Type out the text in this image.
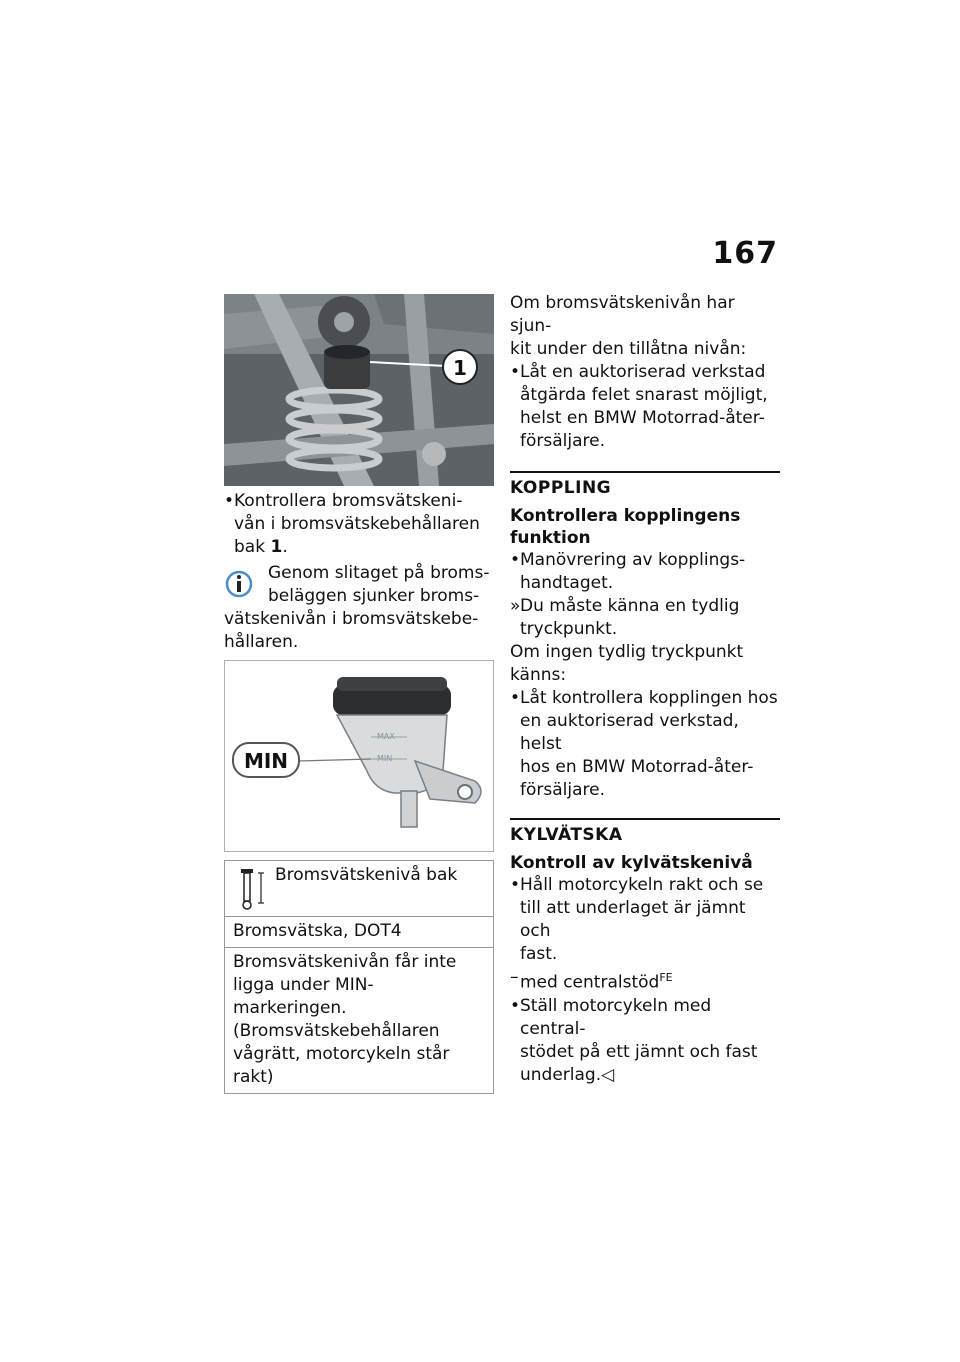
167
1
• Kontrollera bromsvätskeni-
vån i bromsvätskebehållaren
bak 1.
Genom slitaget på broms-
beläggen sjunker broms-
vätskenivån i bromsvätskebe-
hållaren.
MAX
MIN
MIN
Bromsvätskenivå bak
Bromsvätska, DOT4
Bromsvätskenivån får inte
ligga under MIN-markeringen.
(Bromsvätskebehållaren
vågrätt, motorcykeln står rakt)
Om bromsvätskenivån har sjun-
kit under den tillåtna nivån:
• Låt en auktoriserad verkstad
åtgärda felet snarast möjligt,
helst en BMW Motorrad-åter-
försäljare.
KOPPLING
Kontrollera kopplingens
funktion
• Manövrering av kopplings-
handtaget.
» Du måste känna en tydlig
tryckpunkt.
Om ingen tydlig tryckpunkt
känns:
• Låt kontrollera kopplingen hos
en auktoriserad verkstad, helst
hos en BMW Motorrad-åter-
försäljare.
KYLVÄTSKA
Kontroll av kylvätskenivå
• Håll motorcykeln rakt och se
till att underlaget är jämnt och
fast.
– med centralstöd$^{FE}$
• Ställ motorcykeln med central-
stödet på ett jämnt och fast
underlag.◁
